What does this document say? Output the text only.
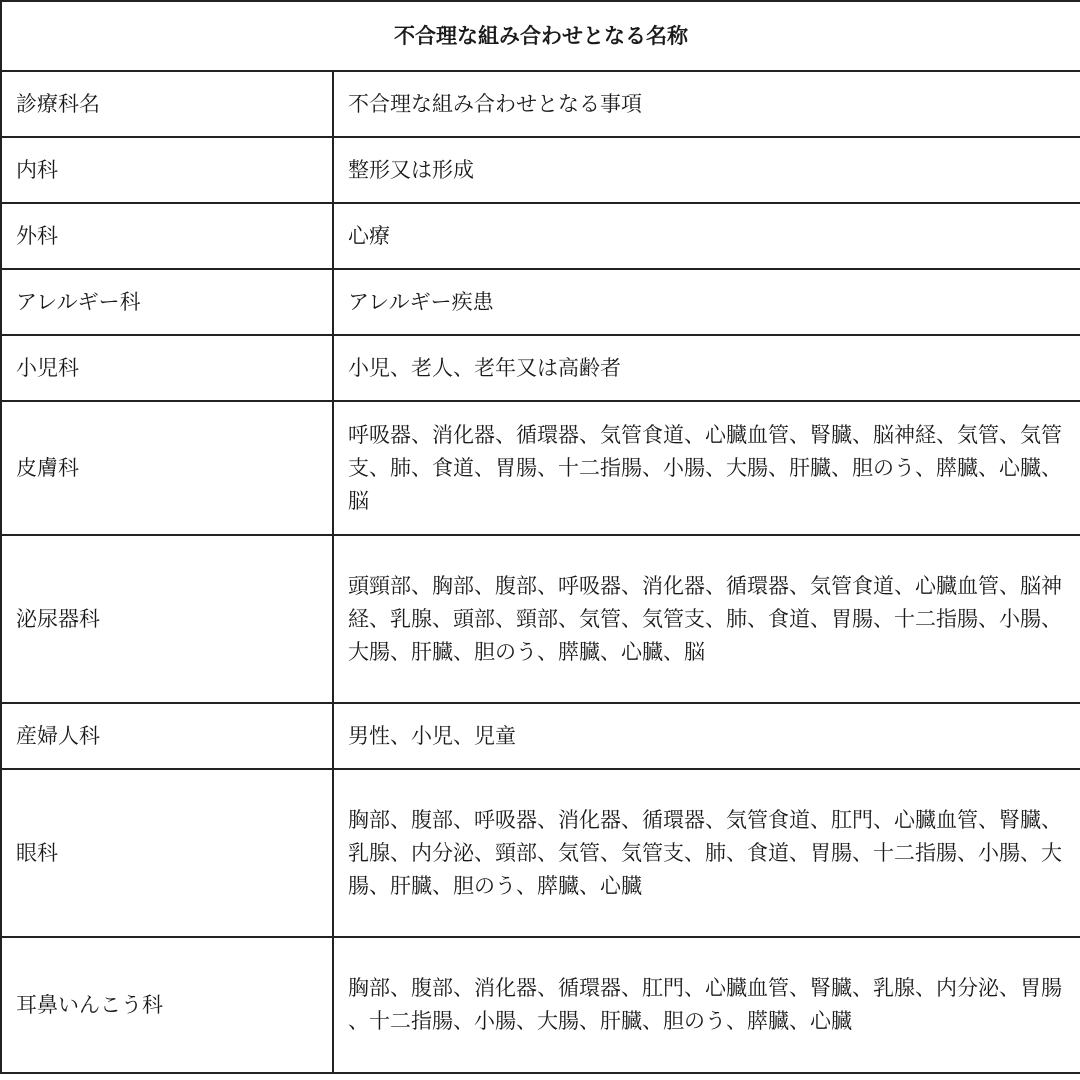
不合理な組み合わせとなる名称	
診療科名	不合理な組み合わせとなる事項
内科	整形又は形成
外科	心療
アレルギー科	アレルギー疾患
小児科	小児、老人、老年又は高齢者
皮膚科	呼吸器、消化器、循環器、気管食道、心臓血管、腎臓、脳神経、気管、気管支、肺、食道、胃腸、十二指腸、小腸、大腸、肝臓、胆のう、膵臓、心臓、脳
泌尿器科	頭頸部、胸部、腹部、呼吸器、消化器、循環器、気管食道、心臓血管、脳神経、乳腺、頭部、頸部、気管、気管支、肺、食道、胃腸、十二指腸、小腸、大腸、肝臓、胆のう、膵臓、心臓、脳
産婦人科	男性、小児、児童
眼科	胸部、腹部、呼吸器、消化器、循環器、気管食道、肛門、心臓血管、腎臓、乳腺、内分泌、頸部、気管、気管支、肺、食道、胃腸、十二指腸、小腸、大腸、肝臓、胆のう、膵臓、心臓
耳鼻いんこう科	胸部、腹部、消化器、循環器、肛門、心臓血管、腎臓、乳腺、内分泌、胃腸、十二指腸、小腸、大腸、肝臓、胆のう、膵臓、心臓
